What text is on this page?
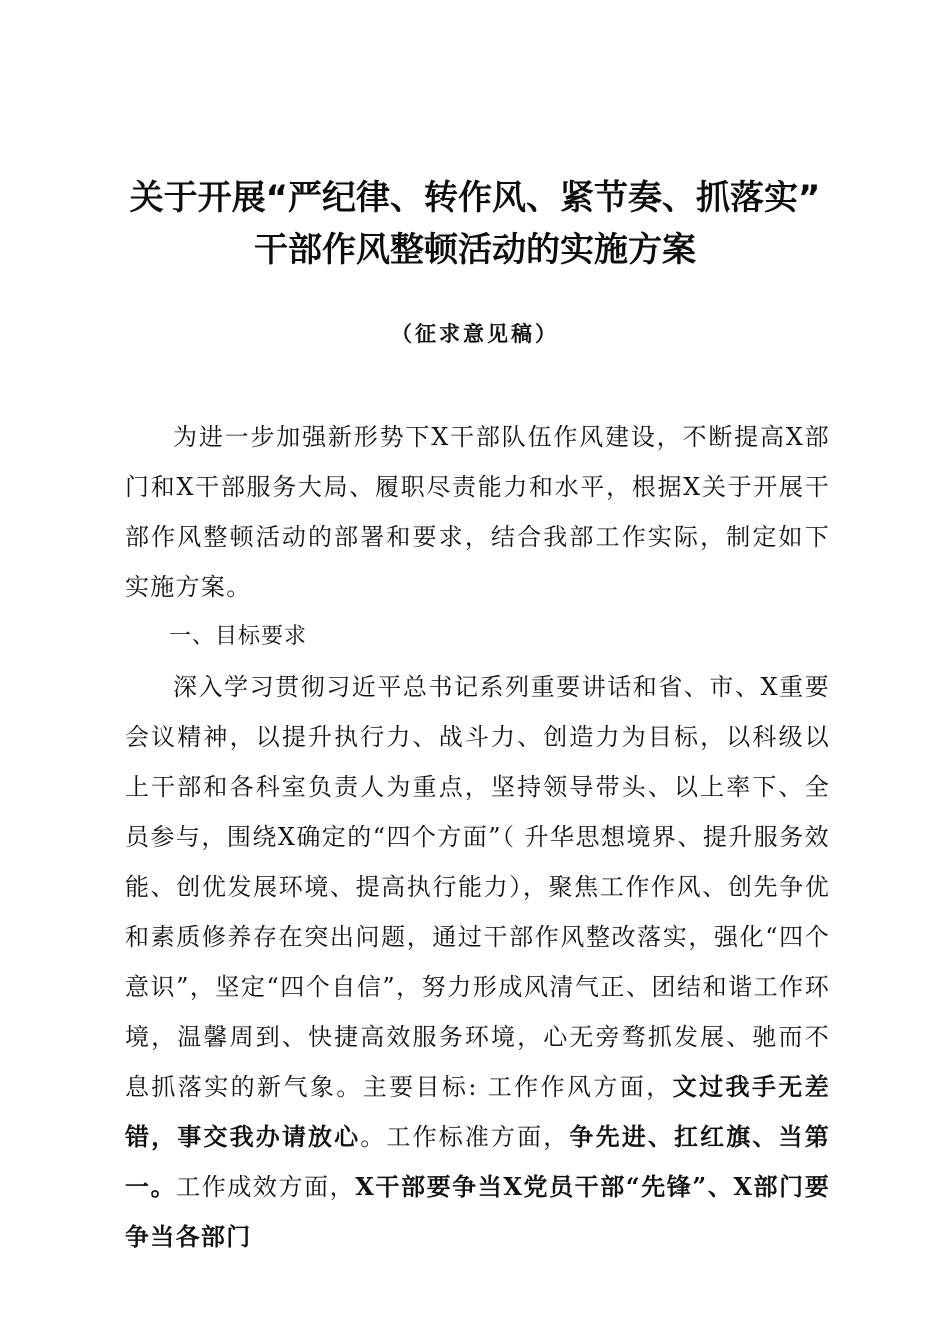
关于开展“严纪律、转作风、紧节奏、抓落实”
干部作风整顿活动的实施方案
（征求意见稿）

为进一步加强新形势下X干部队伍作风建设，不断提高X部门和X干部服务大局、履职尽责能力和水平，根据X关于开展干部作风整顿活动的部署和要求，结合我部工作实际，制定如下实施方案。

一、目标要求

深入学习贯彻习近平总书记系列重要讲话和省、市、X重要会议精神，以提升执行力、战斗力、创造力为目标，以科级以上干部和各科室负责人为重点，坚持领导带头、以上率下、全员参与，围绕X确定的“四个方面”（ 升华思想境界、提升服务效能、创优发展环境、提高执行能力），聚焦工作作风、创先争优和素质修养存在突出问题，通过干部作风整改落实，强化“四个意识”，坚定“四个自信”，努力形成风清气正、团结和谐工作环境，温馨周到、快捷高效服务环境，心无旁骛抓发展、驰而不息抓落实的新气象。主要目标: 工作作风方面，文过我手无差错，事交我办请放心。工作标准方面，争先进、扛红旗、当第一。工作成效方面，X干部要争当X党员干部“先锋”、X部门要争当各部门
